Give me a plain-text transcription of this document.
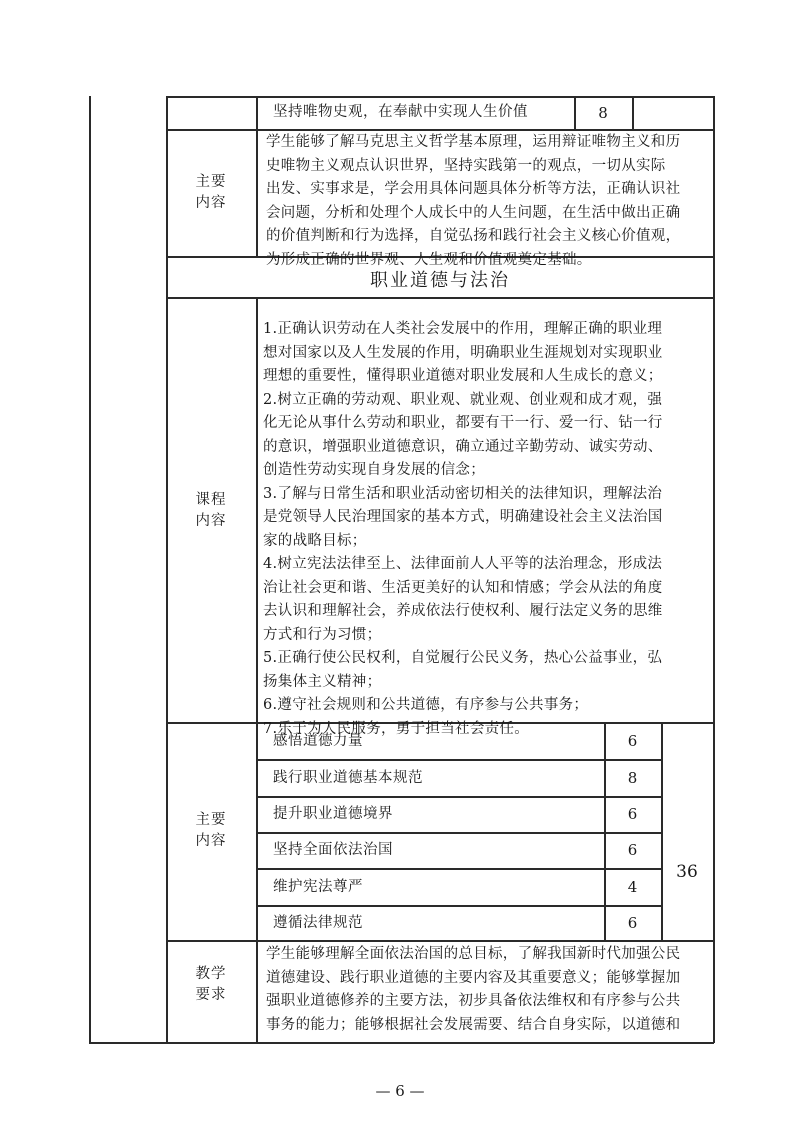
坚持唯物史观，在奉献中实现人生价值	8
主要
内容
学生能够了解马克思主义哲学基本原理，运用辩证唯物主义和历
史唯物主义观点认识世界，坚持实践第一的观点，一切从实际
出发、实事求是，学会用具体问题具体分析等方法，正确认识社
会问题，分析和处理个人成长中的人生问题，在生活中做出正确
的价值判断和行为选择，自觉弘扬和践行社会主义核心价值观，
为形成正确的世界观、人生观和价值观奠定基础。
职业道德与法治
课程
内容
1.正确认识劳动在人类社会发展中的作用，理解正确的职业理
想对国家以及人生发展的作用，明确职业生涯规划对实现职业
理想的重要性，懂得职业道德对职业发展和人生成长的意义；
2.树立正确的劳动观、职业观、就业观、创业观和成才观，强
化无论从事什么劳动和职业，都要有干一行、爱一行、钻一行
的意识，增强职业道德意识，确立通过辛勤劳动、诚实劳动、
创造性劳动实现自身发展的信念；
3.了解与日常生活和职业活动密切相关的法律知识，理解法治
是党领导人民治理国家的基本方式，明确建设社会主义法治国
家的战略目标；
4.树立宪法法律至上、法律面前人人平等的法治理念，形成法
治让社会更和谐、生活更美好的认知和情感；学会从法的角度
去认识和理解社会，养成依法行使权利、履行法定义务的思维
方式和行为习惯；
5.正确行使公民权利，自觉履行公民义务，热心公益事业，弘
扬集体主义精神；
6.遵守社会规则和公共道德，有序参与公共事务；
7.乐于为人民服务，勇于担当社会责任。
主要
内容
感悟道德力量	6
践行职业道德基本规范	8
提升职业道德境界	6
坚持全面依法治国	6
维护宪法尊严	4
遵循法律规范	6
36
教学
要求
学生能够理解全面依法治国的总目标，了解我国新时代加强公民
道德建设、践行职业道德的主要内容及其重要意义；能够掌握加
强职业道德修养的主要方法，初步具备依法维权和有序参与公共
事务的能力；能够根据社会发展需要、结合自身实际，以道德和
— 6 —
